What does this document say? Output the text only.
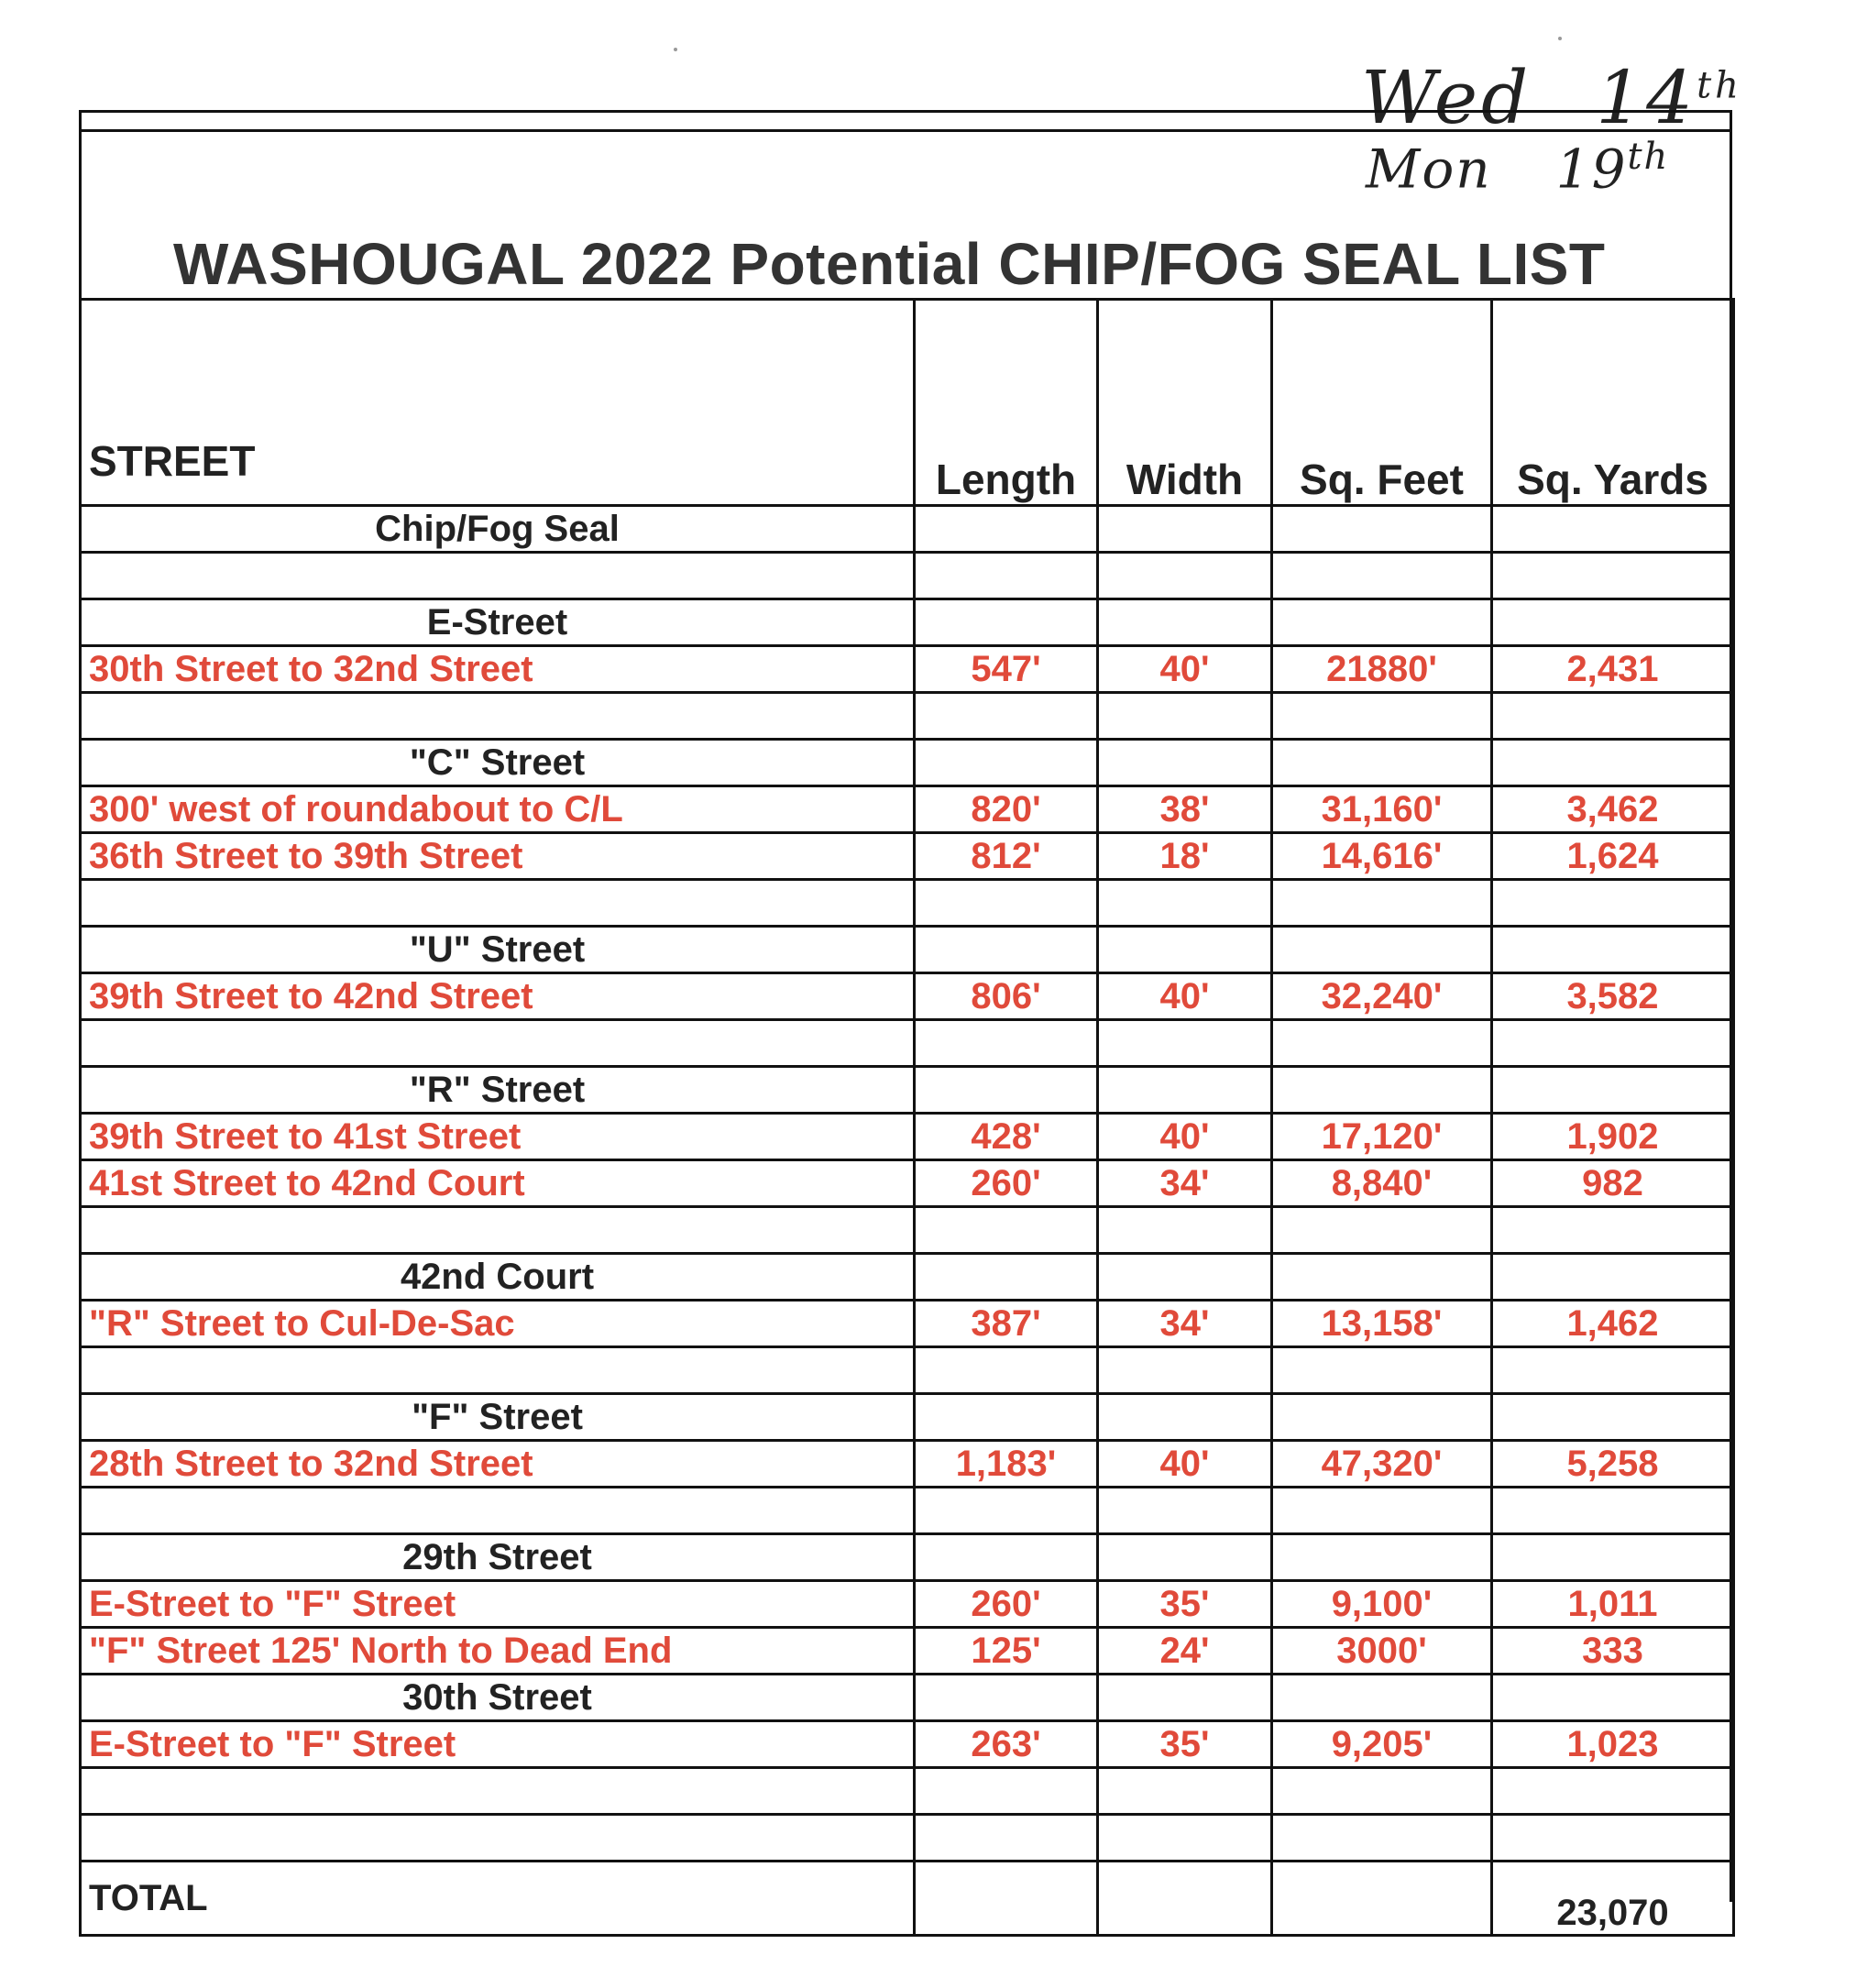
Wed 14th
Mon 19th
WASHOUGAL 2022 Potential CHIP/FOG SEAL LIST
STREET	Length	Width	Sq. Feet	Sq. Yards
Chip/Fog Seal				

E-Street				
30th Street to 32nd Street	547'	40'	21880'	2,431

"C" Street				
300' west of roundabout to C/L	820'	38'	31,160'	3,462
36th Street to 39th Street	812'	18'	14,616'	1,624

"U" Street				
39th Street to 42nd Street	806'	40'	32,240'	3,582

"R" Street				
39th Street to 41st Street	428'	40'	17,120'	1,902
41st Street to 42nd Court	260'	34'	8,840'	982

42nd Court				
"R" Street to Cul-De-Sac	387'	34'	13,158'	1,462

"F" Street				
28th Street to 32nd Street	1,183'	40'	47,320'	5,258

29th Street				
E-Street to "F" Street	260'	35'	9,100'	1,011
"F" Street 125' North to Dead End	125'	24'	3000'	333
30th Street				
E-Street to "F" Street	263'	35'	9,205'	1,023

TOTAL				23,070
